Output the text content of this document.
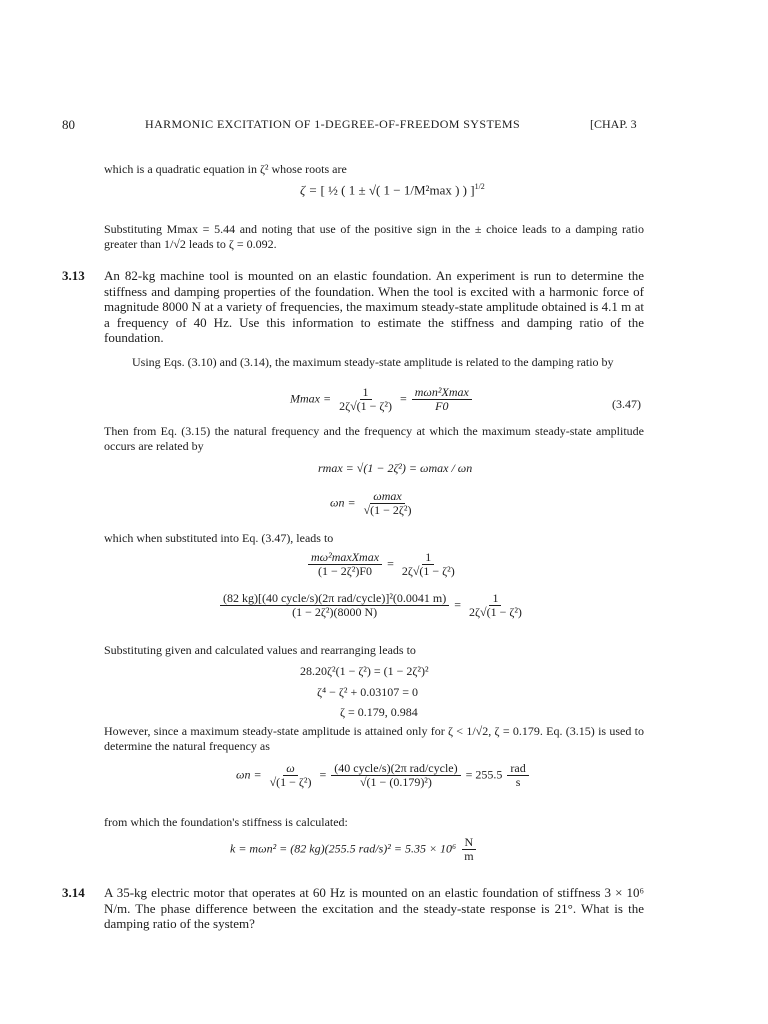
80	HARMONIC EXCITATION OF 1-DEGREE-OF-FREEDOM SYSTEMS	[CHAP. 3
which is a quadratic equation in ζ² whose roots are
ζ = [ ½ ( 1 ± √( 1 − 1/M²max ) ) ]$^{1/2}$
Substituting Mmax = 5.44 and noting that use of the positive sign in the ± choice leads to a damping ratio greater than 1/√2 leads to ζ = 0.092.
3.13 An 82-kg machine tool is mounted on an elastic foundation. An experiment is run to determine the stiffness and damping properties of the foundation. When the tool is excited with a harmonic force of magnitude 8000 N at a variety of frequencies, the maximum steady-state amplitude obtained is 4.1 m at a frequency of 40 Hz. Use this information to estimate the stiffness and damping ratio of the foundation.
Using Eqs. (3.10) and (3.14), the maximum steady-state amplitude is related to the damping ratio by
$Mmax = \frac{1}{\text{2ζ√(1 − ζ²)}} = \frac{\text{mωn²Xmax}}{F0}$	(3.47)
Then from Eq. (3.15) the natural frequency and the frequency at which the maximum steady-state amplitude occurs are related by
rmax = √(1 − 2ζ²) = ωmax / ωn
$\omega n = \frac{\omega\max}{\text{√(1 − 2ζ²)}}$
which when substituted into Eq. (3.47), leads to
$\frac{\text{mω²maxXmax}}{\text{(1 − 2ζ²)F0}} = \frac{1}{\text{2ζ√(1 − ζ²)}}$
$\frac{\text{(82 kg)[(40 cycle/s)(2π rad/cycle)]²(0.0041 m)}}{\text{(1 − 2ζ²)(8000 N)}} = \frac{1}{\text{2ζ√(1 − ζ²)}}$
Substituting given and calculated values and rearranging leads to
28.20ζ²(1 − ζ²) = (1 − 2ζ²)²
ζ⁴ − ζ² + 0.03107 = 0
ζ = 0.179, 0.984
However, since a maximum steady-state amplitude is attained only for ζ < 1/√2, ζ = 0.179. Eq. (3.15) is used to determine the natural frequency as
$\omega n = \frac{\omega}{\text{√(1 − ζ²)}} = \frac{\text{(40 cycle/s)(2π rad/cycle)}}{\text{√(1 − (0.179)²)}} = 255.5 \frac{\text{rad}}{s}$
from which the foundation's stiffness is calculated:
k = mωn² = (82 kg)(255.5 $rad/s)^2 = 5.35 \times 10^6 \frac{N}{m}$
3.14 A 35-kg electric motor that operates at 60 Hz is mounted on an elastic foundation of stiffness 3 × 10⁶ N/m. The phase difference between the excitation and the steady-state response is 21°. What is the damping ratio of the system?
